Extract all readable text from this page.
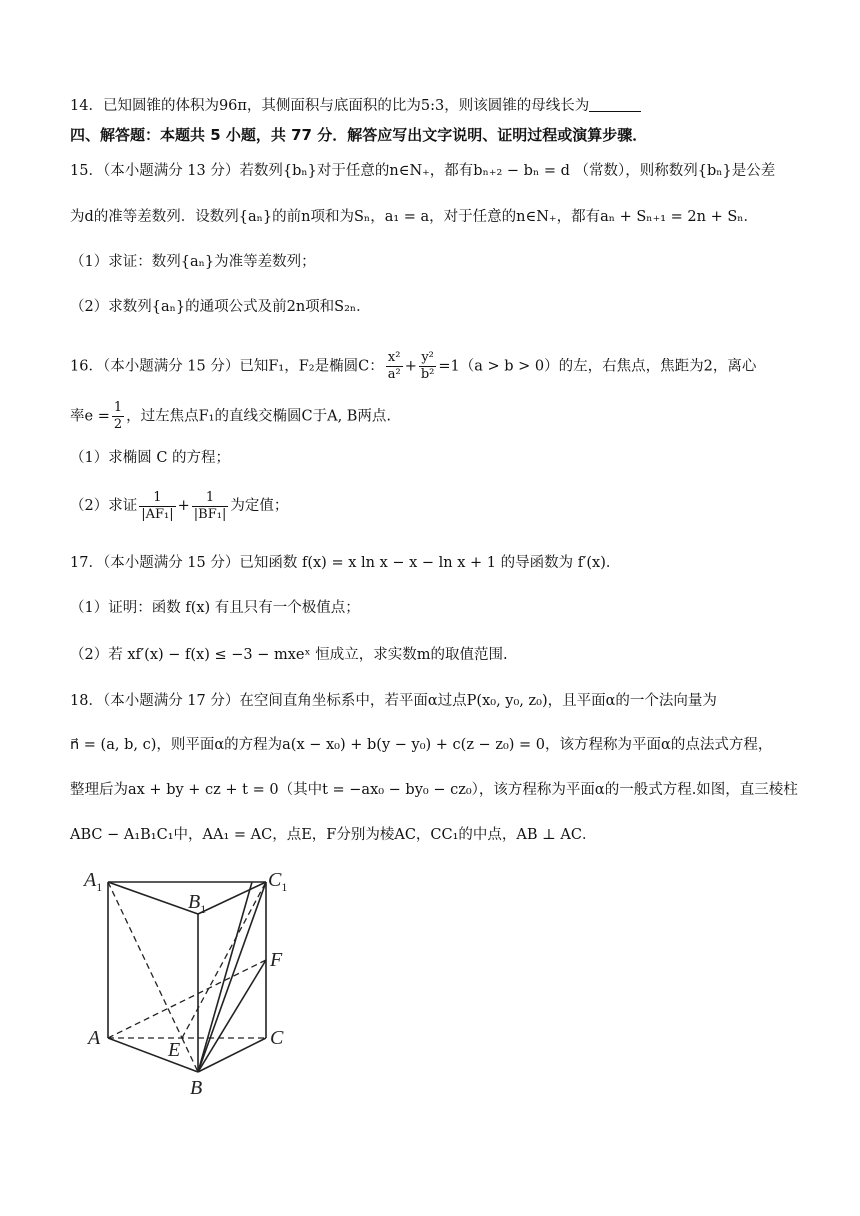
14．已知圆锥的体积为96π，其侧面积与底面积的比为5:3，则该圆锥的母线长为
四、解答题：本题共 5 小题，共 77 分．解答应写出文字说明、证明过程或演算步骤．
15．（本小题满分 13 分）若数列{bₙ}对于任意的n∈N₊，都有bₙ₊₂ − bₙ = d （常数），则称数列{bₙ}是公差
为d的准等差数列．设数列{aₙ}的前n项和为Sₙ，a₁ = a，对于任意的n∈N₊，都有aₙ + Sₙ₊₁ = 2n + Sₙ．
（1）求证：数列{aₙ}为准等差数列；
（2）求数列{aₙ}的通项公式及前2n项和S₂ₙ．
16．（本小题满分 15 分）已知F₁，F₂是椭圆C： $\frac{\text{x²}}{\text{a²}} + \frac{\text{y²}}{\text{b²}} =1(a > b > 0)$的左，右焦点，焦距为2，离心
率$e = \frac{1}{2}$ ，过左焦点F₁的直线交椭圆C于A, B两点.
（1）求椭圆 C 的方程；
（2）求证 $\frac{1}{\text{|AF₁|}} + \frac{1}{\text{|BF₁|}}$ 为定值；
17．（本小题满分 15 分）已知函数 f(x) = x ln x − x − ln x + 1 的导函数为 f′(x)．
（1）证明：函数 f(x) 有且只有一个极值点；
（2）若 xf′(x) − f(x) ≤ −3 − mxeˣ 恒成立，求实数m的取值范围.
18．（本小题满分 17 分）在空间直角坐标系中，若平面α过点P(x₀, y₀, z₀)，且平面α的一个法向量为
n⃗ = (a, b, c)，则平面α的方程为a(x − x₀) + b(y − y₀) + c(z − z₀) = 0，该方程称为平面α的点法式方程，
整理后为ax + by + cz + t = 0（其中t = −ax₀ − by₀ − cz₀），该方程称为平面α的一般式方程.如图，直三棱柱
ABC − A₁B₁C₁中，AA₁ = AC，点E，F分别为棱AC，CC₁的中点，AB ⊥ AC．
$A_1$
$B_1$
$C_1$
F
A
E
C
B
